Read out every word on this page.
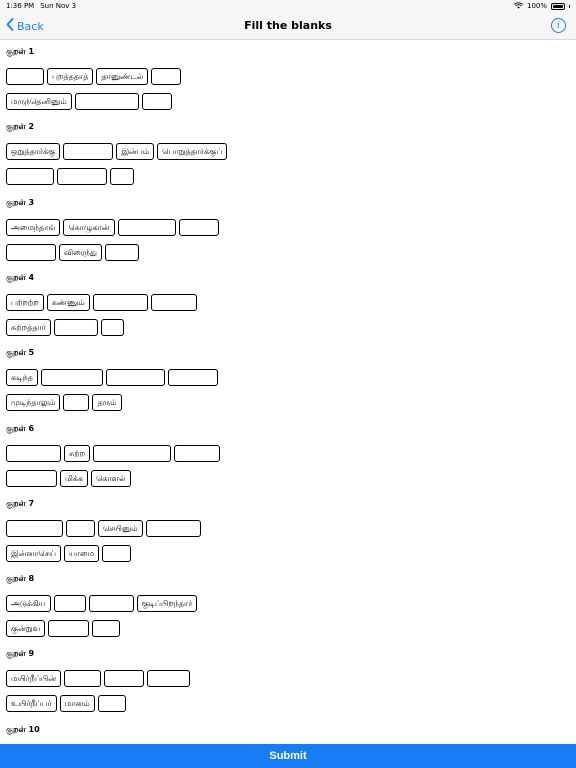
1:36 PM Sun Nov 3	100%
Back	Fill the blanks	i
குறள் 1
புறத்ததாத்	தானுண்டல்
மருந்தெனினும்
குறள் 2
ஒறுத்தார்க்கு	இன்பம்	பொறுத்தார்க்குப்
குறள் 3
அமைந்தாங்	கொழுகான்
விரைந்து
குறள் 4
பற்றற்ற	கண்ணும்
சுற்றத்தார்
குறள் 5
கடிந்த
முடிந்தாலும்	தரும்
குறள் 6
சுற்ற
மிக்க	கொளல்
குறள் 7
செயினும்
இன்னாசெய்	யாமை
குறள் 8
அடுக்கிய	குடிப்பிறந்தார்
குன்றுவ
குறள் 9
மயிர்நீப்பின்
உயிர்நீப்பர்	மானம்
குறள் 10
Submit
